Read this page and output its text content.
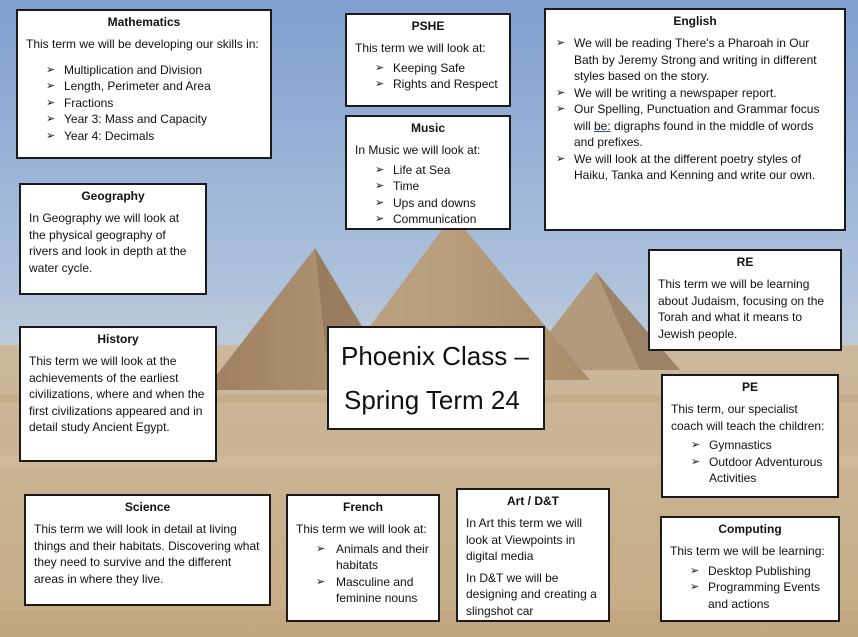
Mathematics

This term we will be developing our skills in:

➢ Multiplication and Division
➢ Length, Perimeter and Area
➢ Fractions
➢ Year 3: Mass and Capacity
➢ Year 4: Decimals
PSHE

This term we will look at:

➢ Keeping Safe
➢ Rights and Respect
Music

In Music we will look at:

➢ Life at Sea
➢ Time
➢ Ups and downs
➢ Communication
English
➢ We will be reading There's a Pharoah in Our Bath by Jeremy Strong and writing in different styles based on the story.
➢ We will be writing a newspaper report.
➢ Our Spelling, Punctuation and Grammar focus will be: digraphs found in the middle of words and prefixes.
➢ We will look at the different poetry styles of Haiku, Tanka and Kenning and write our own.
Geography

In Geography we will look at the physical geography of rivers and look in depth at the water cycle.	RE

This term we will be learning about Judaism, focusing on the Torah and what it means to Jewish people.

History

This term we will look at the achievements of the earliest civilizations, where and when the first civilizations appeared and in detail study Ancient Egypt.

Phoenix Class –
Spring Term 24	PE

This term, our specialist coach will teach the children:

➢ Gymnastics
➢ Outdoor Adventurous Activities
Science

This term we will look in detail at living things and their habitats. Discovering what they need to survive and the different areas in where they live.

French

This term we will look at:

➢ Animals and their habitats
➢ Masculine and feminine nouns
Art / D&T

In Art this term we will look at Viewpoints in digital media

In D&T we will be designing and creating a slingshot car

Computing

This term we will be learning:

➢ Desktop Publishing
➢ Programming Events and actions
